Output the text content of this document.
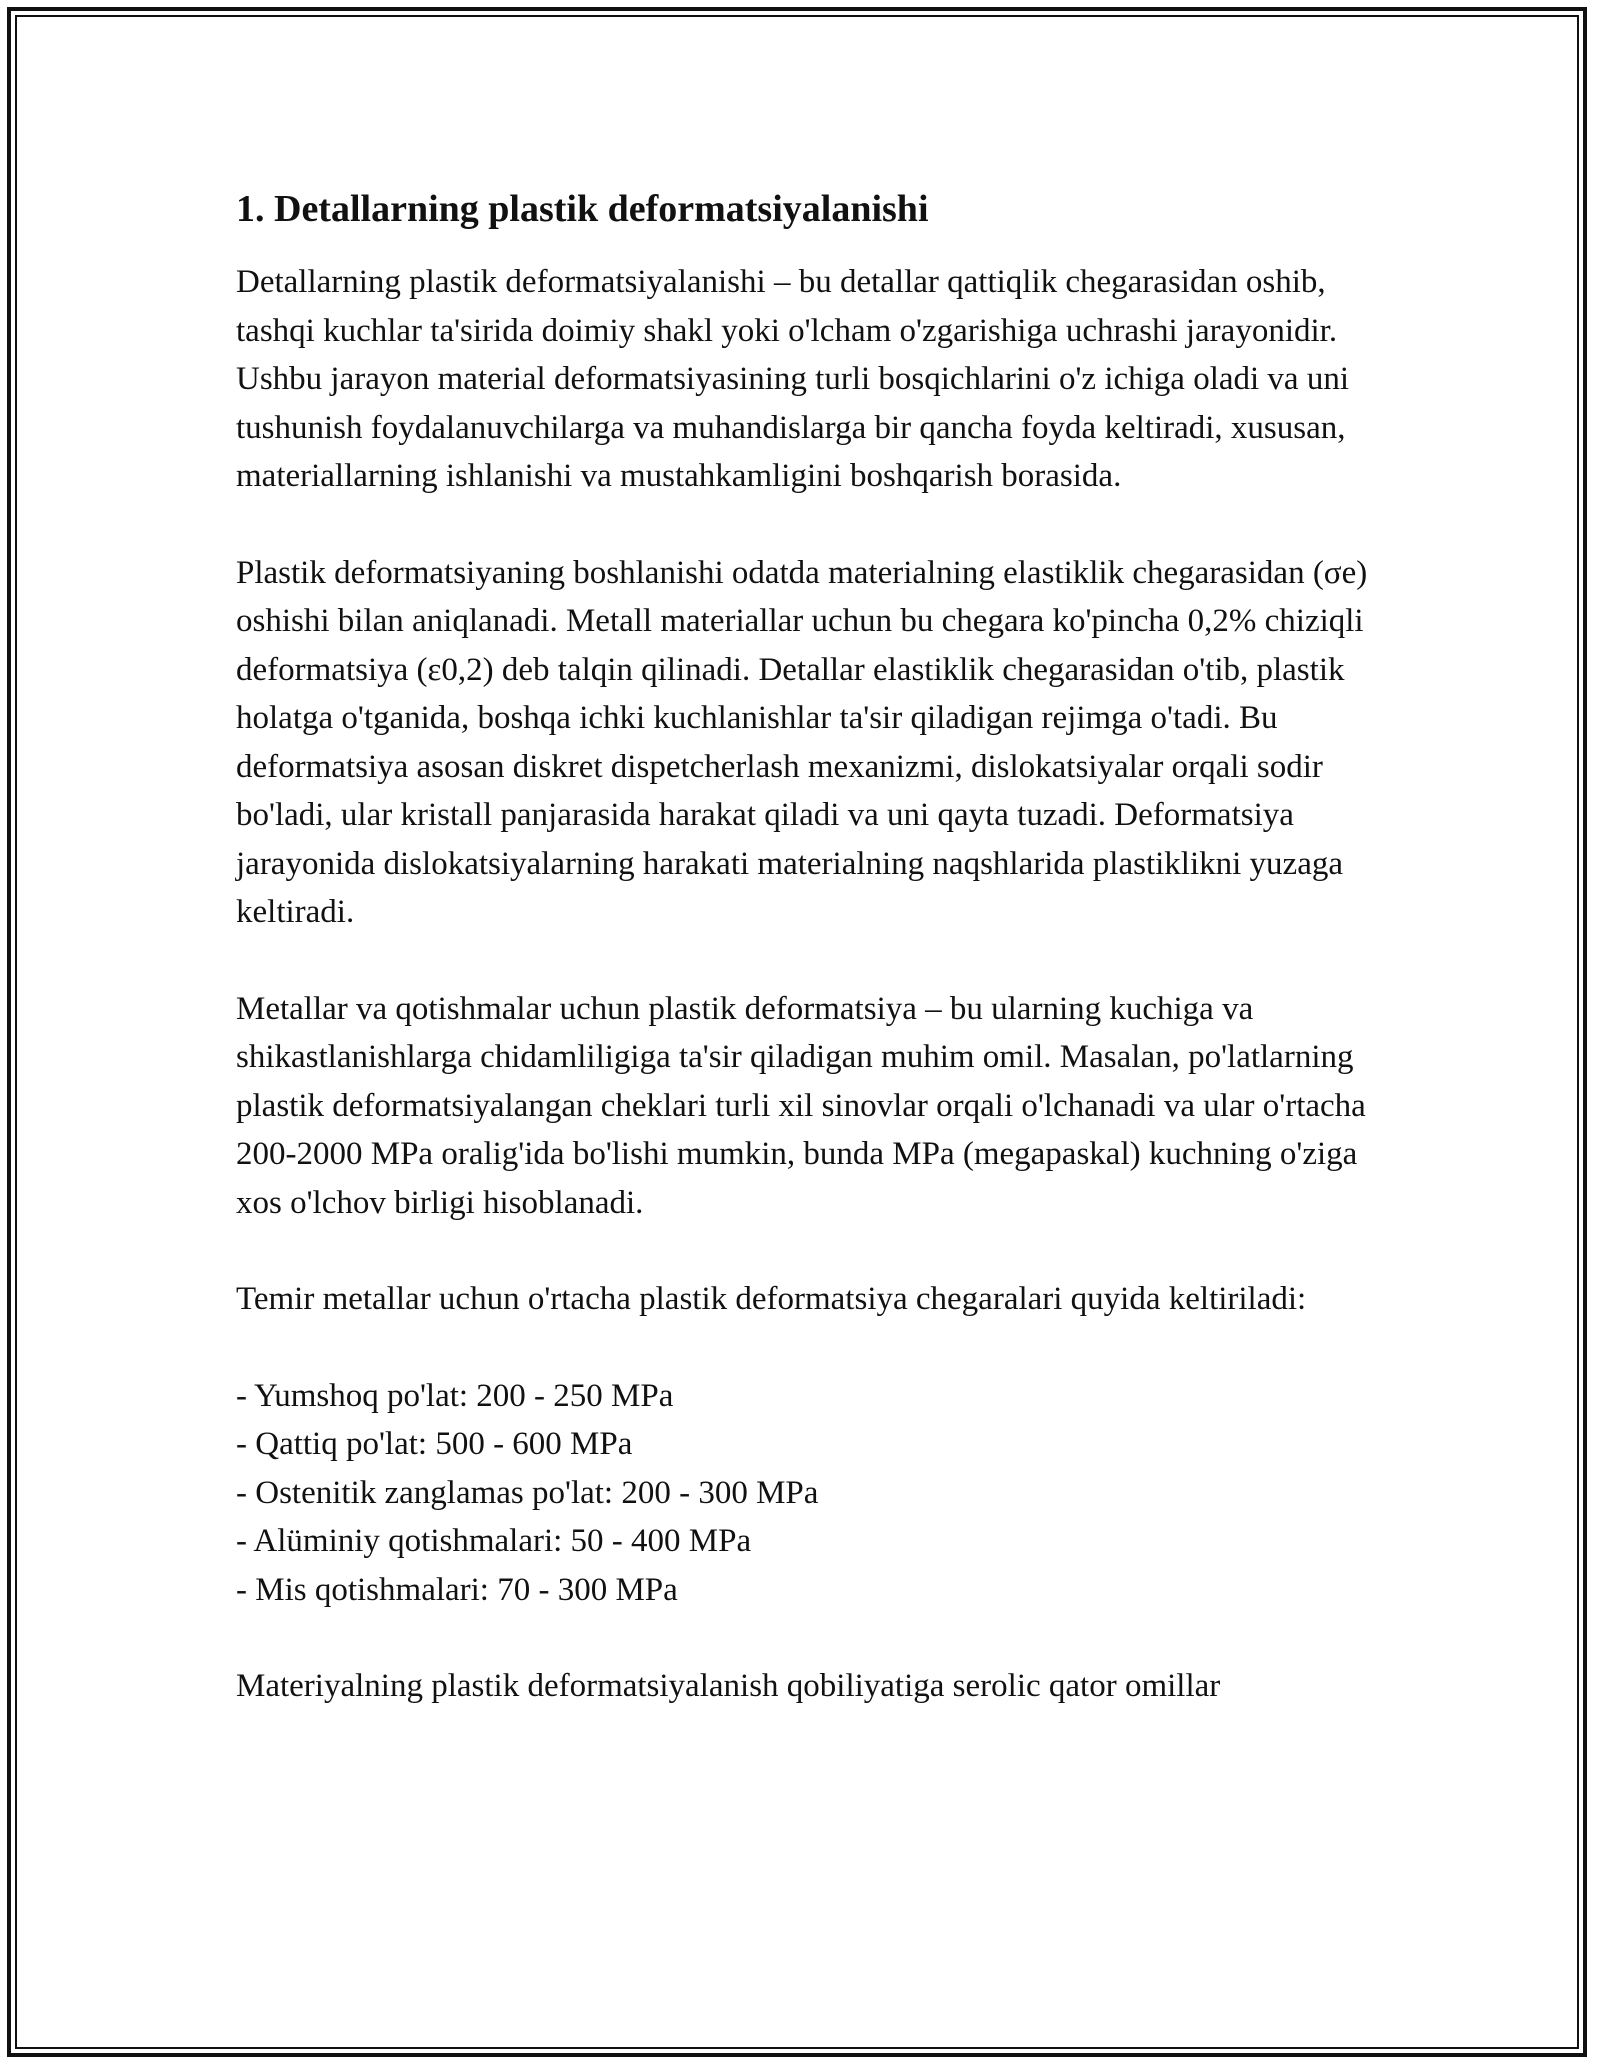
1. Detallarning plastik deformatsiyalanishi

Detallarning plastik deformatsiyalanishi – bu detallar qattiqlik chegarasidan oshib, tashqi kuchlar ta'sirida doimiy shakl yoki o'lcham o'zgarishiga uchrashi jarayonidir. Ushbu jarayon material deformatsiyasining turli bosqichlarini o'z ichiga oladi va uni tushunish foydalanuvchilarga va muhandislarga bir qancha foyda keltiradi, xususan, materiallarning ishlanishi va mustahkamligini boshqarish borasida.

Plastik deformatsiyaning boshlanishi odatda materialning elastiklik chegarasidan (σe) oshishi bilan aniqlanadi. Metall materiallar uchun bu chegara ko'pincha 0,2% chiziqli deformatsiya (ε0,2) deb talqin qilinadi. Detallar elastiklik chegarasidan o'tib, plastik holatga o'tganida, boshqa ichki kuchlanishlar ta'sir qiladigan rejimga o'tadi. Bu deformatsiya asosan diskret dispetcherlash mexanizmi, dislokatsiyalar orqali sodir bo'ladi, ular kristall panjarasida harakat qiladi va uni qayta tuzadi. Deformatsiya jarayonida dislokatsiyalarning harakati materialning naqshlarida plastiklikni yuzaga keltiradi.

Metallar va qotishmalar uchun plastik deformatsiya – bu ularning kuchiga va shikastlanishlarga chidamliligiga ta'sir qiladigan muhim omil. Masalan, po'latlarning plastik deformatsiyalangan cheklari turli xil sinovlar orqali o'lchanadi va ular o'rtacha 200-2000 MPa oralig'ida bo'lishi mumkin, bunda MPa (megapaskal) kuchning o'ziga xos o'lchov birligi hisoblanadi.

Temir metallar uchun o'rtacha plastik deformatsiya chegaralari quyida keltiriladi:

- Yumshoq po'lat: 200 - 250 MPa
- Qattiq po'lat: 500 - 600 MPa
- Ostenitik zanglamas po'lat: 200 - 300 MPa
- Alüminiy qotishmalari: 50 - 400 MPa
- Mis qotishmalari: 70 - 300 MPa

Materiyalning plastik deformatsiyalanish qobiliyatiga serolic qator omillar
